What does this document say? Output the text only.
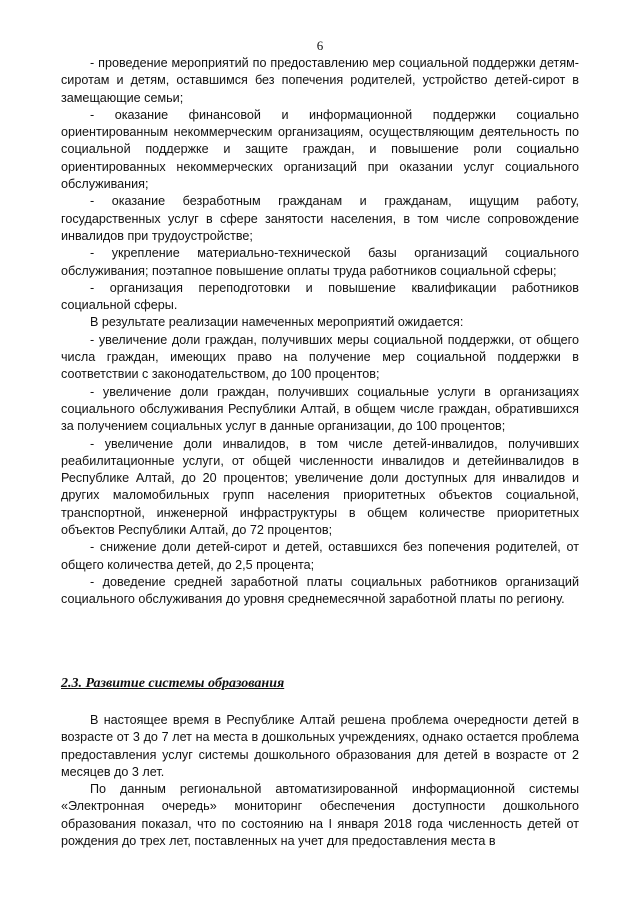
6

- проведение мероприятий по предоставлению мер социальной поддержки детям-сиротам и детям, оставшимся без попечения родителей, устройство детей-сирот в замещающие семьи;

- оказание финансовой и информационной поддержки социально ориентированным некоммерческим организациям, осуществляющим деятельность по социальной поддержке и защите граждан, и повышение роли социально ориентированных некоммерческих организаций при оказании услуг социального обслуживания;

- оказание безработным гражданам и гражданам, ищущим работу, государственных услуг в сфере занятости населения, в том числе сопровождение инвалидов при трудоустройстве;

- укрепление материально-технической базы организаций социального обслуживания; поэтапное повышение оплаты труда работников социальной сферы;

- организация переподготовки и повышение квалификации работников социальной сферы.

В результате реализации намеченных мероприятий ожидается:

- увеличение доли граждан, получивших меры социальной поддержки, от общего числа граждан, имеющих право на получение мер социальной поддержки в соответствии с законодательством, до 100 процентов;

- увеличение доли граждан, получивших социальные услуги в организациях социального обслуживания Республики Алтай, в общем числе граждан, обратившихся за получением социальных услуг в данные организации, до 100 процентов;

- увеличение доли инвалидов, в том числе детей-инвалидов, получивших реабилитационные услуги, от общей численности инвалидов и детейинвалидов в Республике Алтай, до 20 процентов; увеличение доли доступных для инвалидов и других маломобильных групп населения приоритетных объектов социальной, транспортной, инженерной инфраструктуры в общем количестве приоритетных объектов Республики Алтай, до 72 процентов;

- снижение доли детей-сирот и детей, оставшихся без попечения родителей, от общего количества детей, до 2,5 процента;

- доведение средней заработной платы социальных работников организаций социального обслуживания до уровня среднемесячной заработной платы по региону.

2.3. Развитие системы образования

В настоящее время в Республике Алтай решена проблема очередности детей в возрасте от 3 до 7 лет на места в дошкольных учреждениях, однако остается проблема предоставления услуг системы дошкольного образования для детей в возрасте от 2 месяцев до 3 лет.

По данным региональной автоматизированной информационной системы «Электронная очередь» мониторинг обеспечения доступности дошкольного образования показал, что по состоянию на I января 2018 года численность детей от рождения до трех лет, поставленных на учет для предоставления места в
